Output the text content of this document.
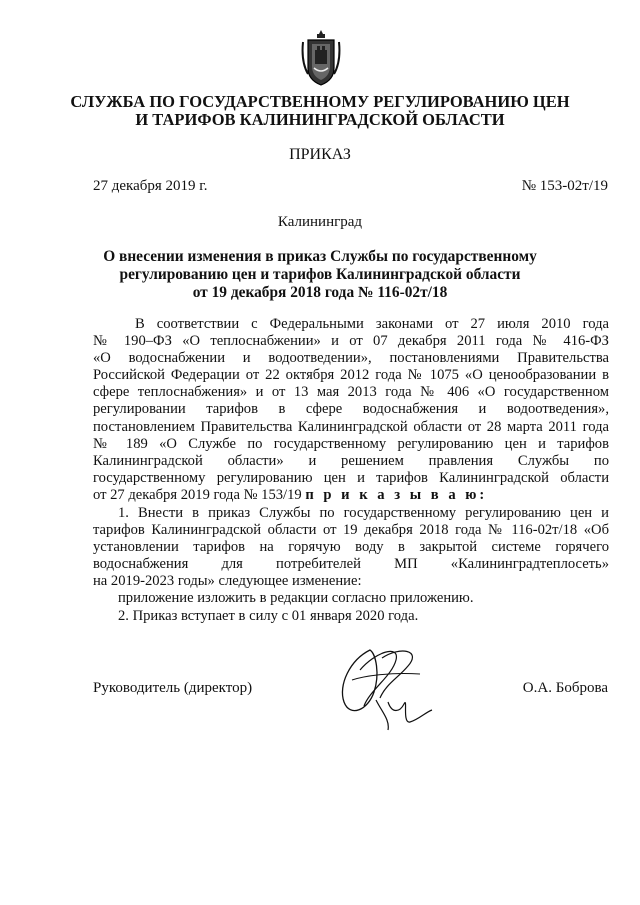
СЛУЖБА ПО ГОСУДАРСТВЕННОМУ РЕГУЛИРОВАНИЮ ЦЕН
И ТАРИФОВ КАЛИНИНГРАДСКОЙ ОБЛАСТИ
ПРИКАЗ
27 декабря 2019 г.	№ 153-02т/19
Калининград
О внесении изменения в приказ Службы по государственному
регулированию цен и тарифов Калининградской области
от 19 декабря 2018 года № 116-02т/18
В соответствии с Федеральными законами от 27 июля 2010 года
№ 190–ФЗ «О теплоснабжении» и от 07 декабря 2011 года № 416-ФЗ
«О водоснабжении и водоотведении», постановлениями Правительства
Российской Федерации от 22 октября 2012 года № 1075 «О ценообразовании в
сфере теплоснабжения» и от 13 мая 2013 года № 406 «О государственном
регулировании тарифов в сфере водоснабжения и водоотведения»,
постановлением Правительства Калининградской области от 28 марта 2011 года
№ 189 «О Службе по государственному регулированию цен и тарифов
Калининградской области» и решением правления Службы по
государственному регулированию цен и тарифов Калининградской области
от 27 декабря 2019 года № 153/19 п р и к а з ы в а ю:
1. Внести в приказ Службы по государственному регулированию цен и
тарифов Калининградской области от 19 декабря 2018 года № 116-02т/18 «Об
установлении тарифов на горячую воду в закрытой системе горячего
водоснабжения для потребителей МП «Калининградтеплосеть»
на 2019-2023 годы» следующее изменение:
приложение изложить в редакции согласно приложению.
2. Приказ вступает в силу с 01 января 2020 года.
Руководитель (директор)	О.А. Боброва
